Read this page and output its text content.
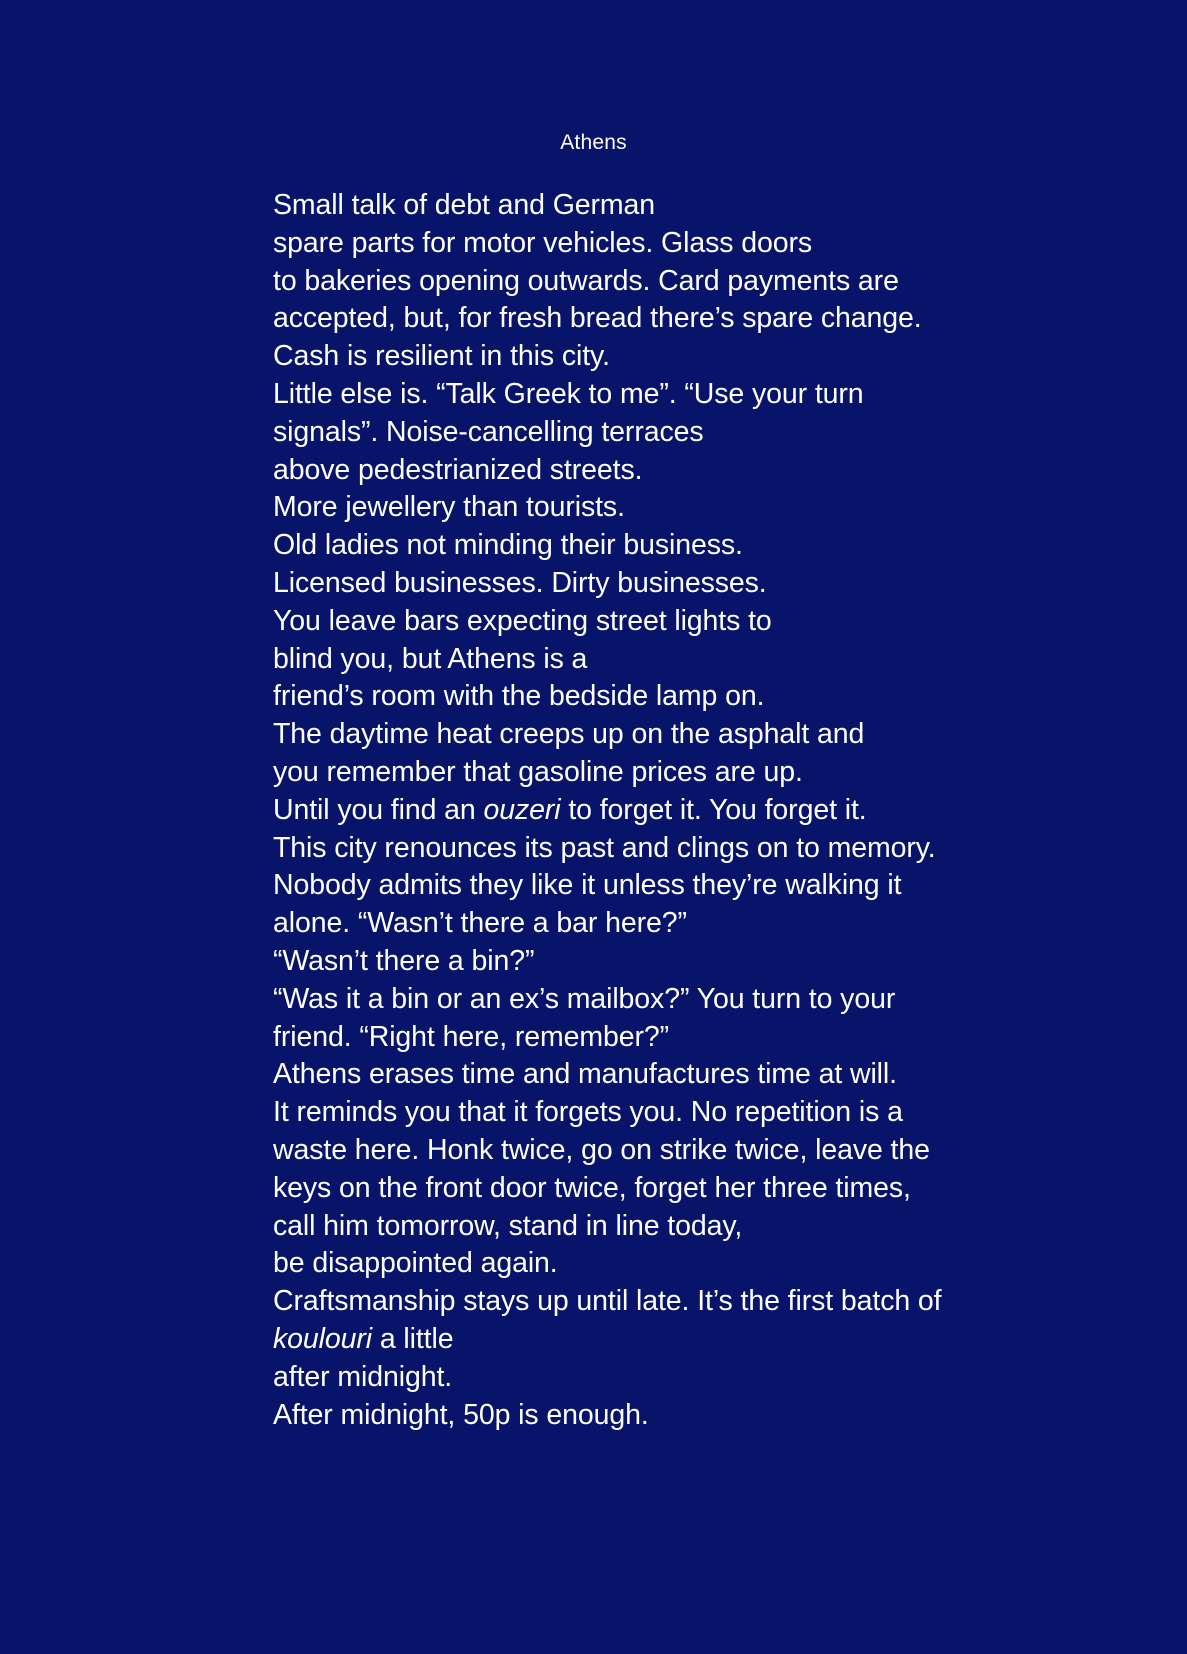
Athens
Small talk of debt and German
spare parts for motor vehicles. Glass doors
to bakeries opening outwards. Card payments are
accepted, but, for fresh bread there’s spare change.
Cash is resilient in this city.
Little else is. “Talk Greek to me”. “Use your turn
signals”. Noise-cancelling terraces
above pedestrianized streets.
More jewellery than tourists.
Old ladies not minding their business.
Licensed businesses. Dirty businesses.
You leave bars expecting street lights to
blind you, but Athens is a
friend’s room with the bedside lamp on.
The daytime heat creeps up on the asphalt and
you remember that gasoline prices are up.
Until you find an ouzeri to forget it. You forget it.
This city renounces its past and clings on to memory.
Nobody admits they like it unless they’re walking it
alone. “Wasn’t there a bar here?”
“Wasn’t there a bin?”
“Was it a bin or an ex’s mailbox?” You turn to your
friend. “Right here, remember?”
Athens erases time and manufactures time at will.
It reminds you that it forgets you. No repetition is a
waste here. Honk twice, go on strike twice, leave the
keys on the front door twice, forget her three times,
call him tomorrow, stand in line today,
be disappointed again.
Craftsmanship stays up until late. It’s the first batch of
koulouri a little
after midnight.
After midnight, 50p is enough.
